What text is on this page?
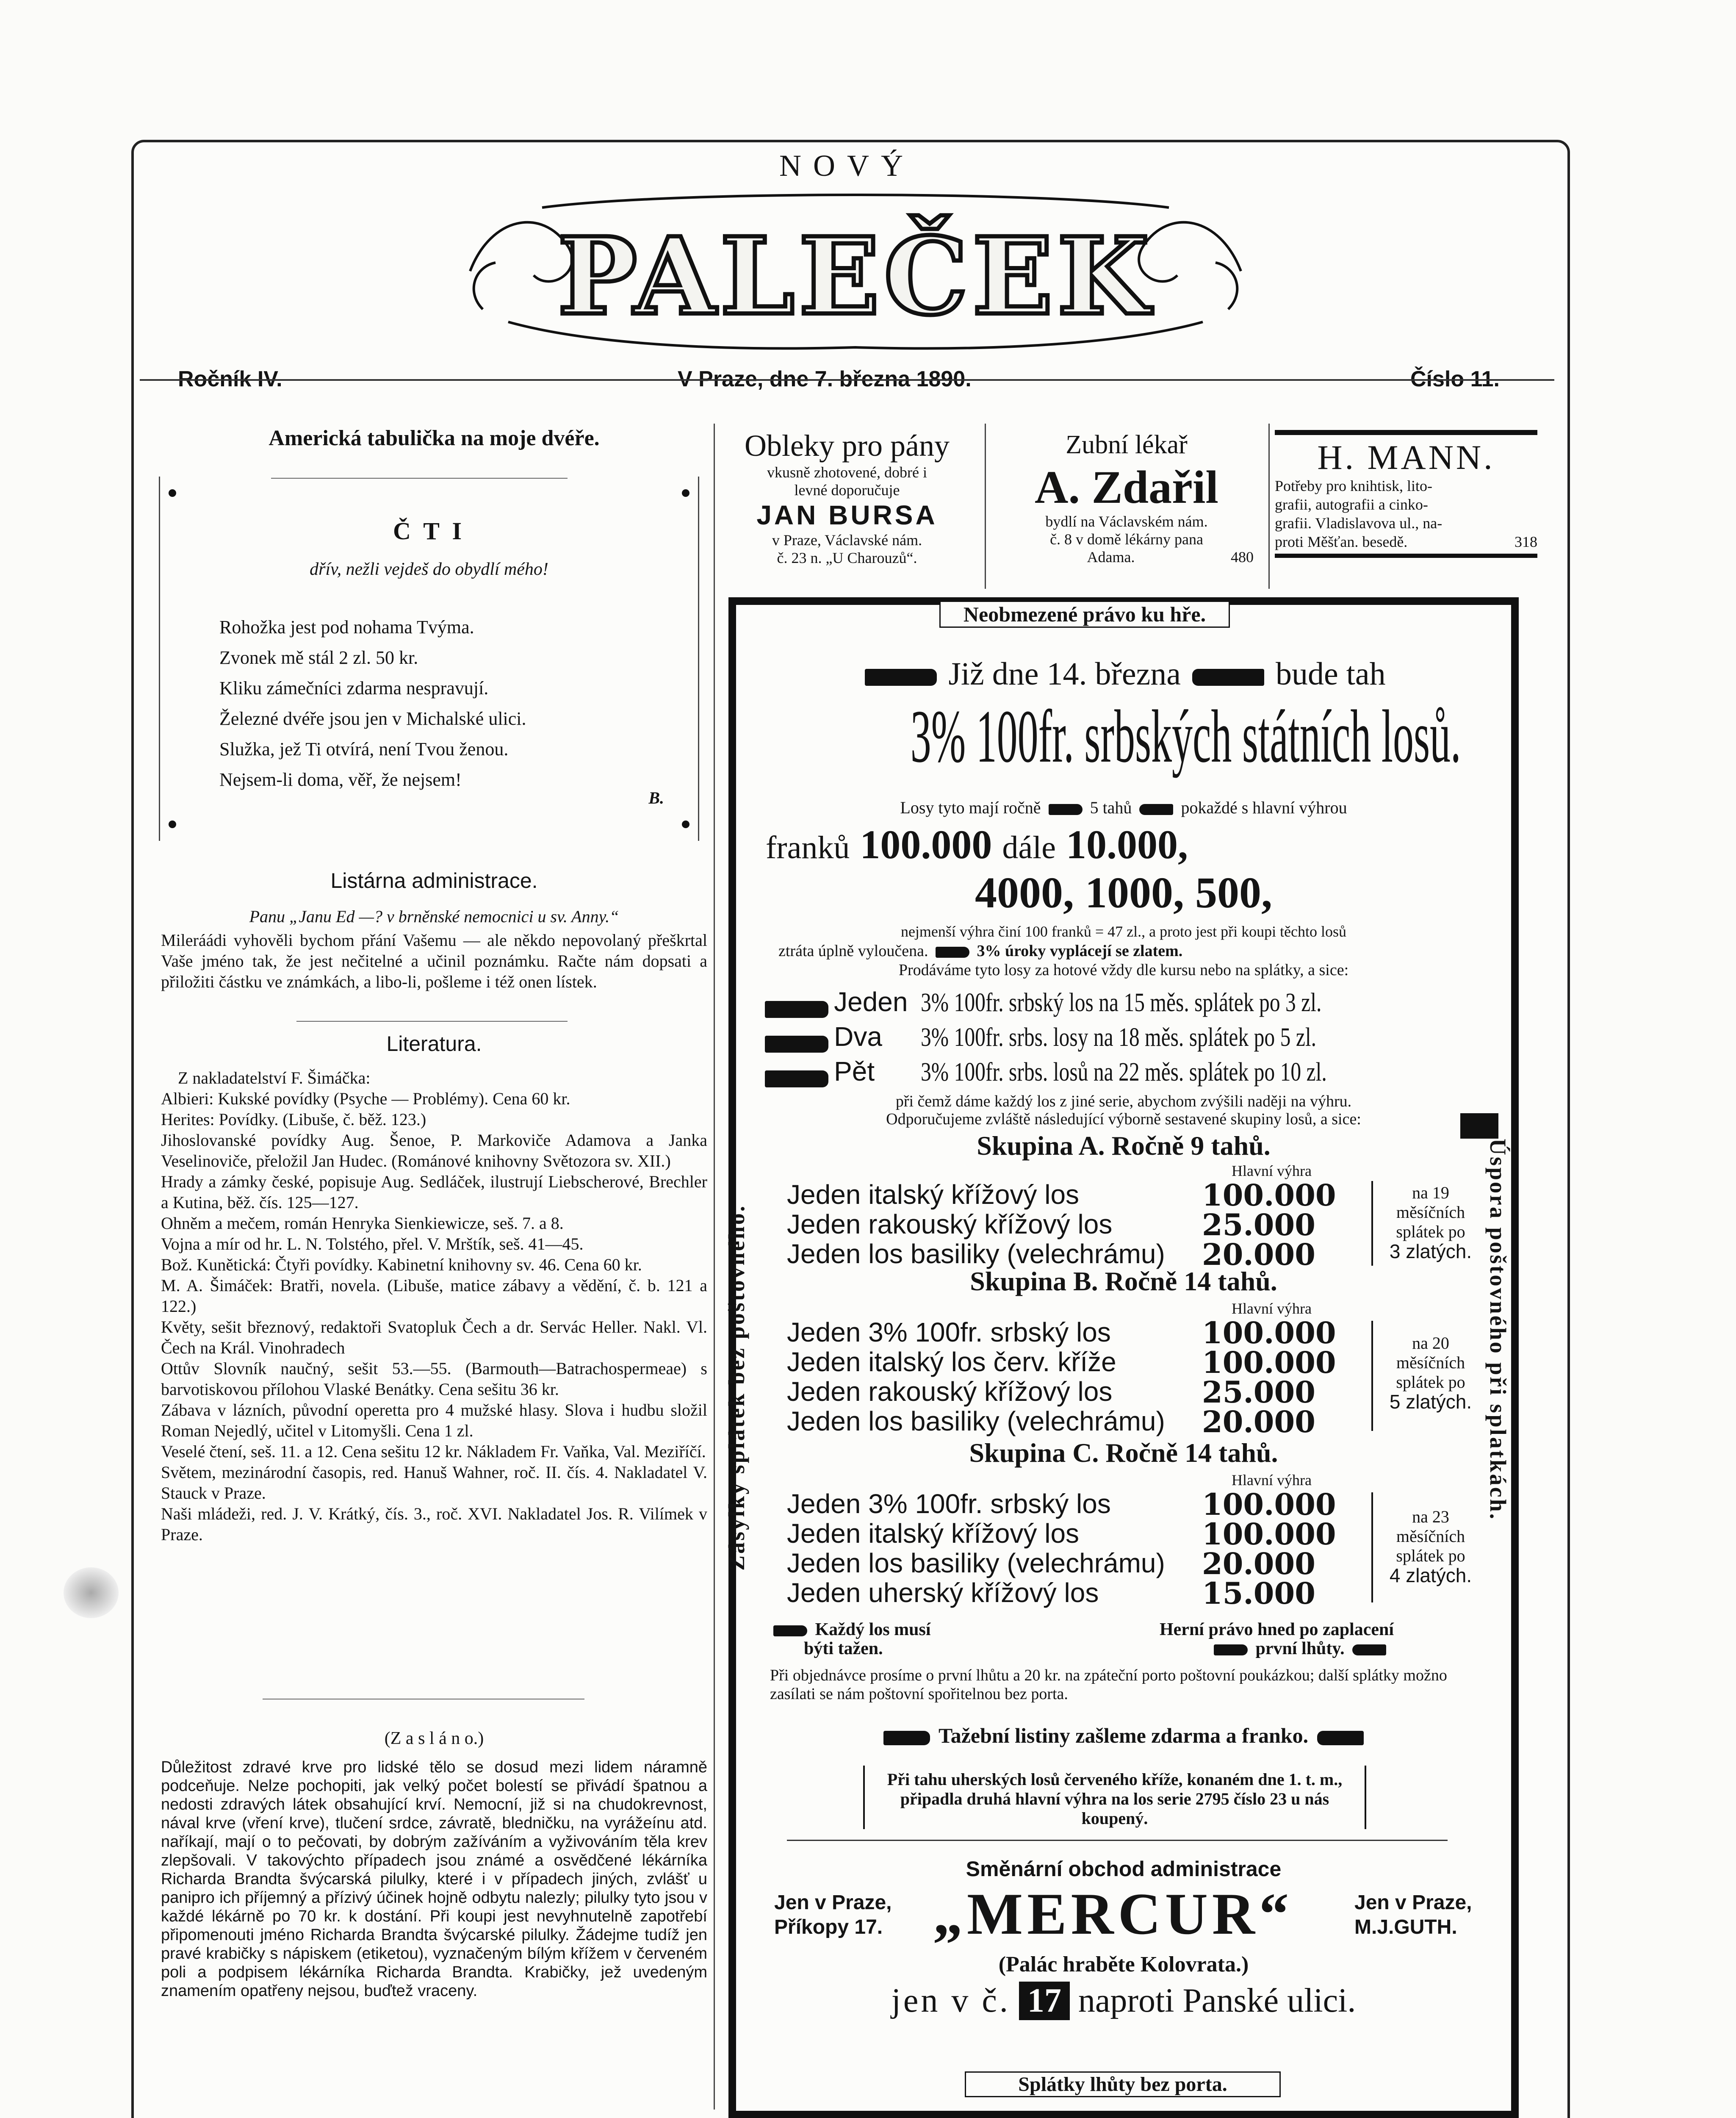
NOVÝ
PALEČEK
Ročník IV.	V Praze, dne 7. března 1890.	Číslo 11.
Americká tabulička na moje dvéře.
Č T I
dřív, nežli vejdeš do obydlí mého!
Rohožka jest pod nohama Tvýma.
Zvonek mě stál 2 zl. 50 kr.
Kliku zámečníci zdarma nespravují.
Železné dvéře jsou jen v Michalské ulici.
Služka, jež Ti otvírá, není Tvou ženou.
Nejsem-li doma, věř, že nejsem!
B.
Listárna administrace.
Panu „Janu Ed —? v brněnské nemocnici u sv. Anny.“

Mileráádi vyhověli bychom přání Vašemu — ale někdo nepovolaný přeškrtal Vaše jméno tak, že jest nečitelné a učinil poznámku. Račte nám dopsati a přiložiti částku ve známkách, a libo-li, pošleme i též onen lístek.

Literatura.

Z nakladatelství F. Šimáčka:

Albieri: Kukské povídky (Psyche — Problémy). Cena 60 kr.

Herites: Povídky. (Libuše, č. běž. 123.)

Jihoslovanské povídky Aug. Šenoe, P. Markoviče Adamova a Janka Veselinoviče, přeložil Jan Hudec. (Románové knihovny Světozora sv. XII.)

Hrady a zámky české, popisuje Aug. Sedláček, ilustrují Liebscherové, Brechler a Kutina, běž. čís. 125—127.

Ohněm a mečem, román Henryka Sienkiewicze, seš. 7. a 8.

Vojna a mír od hr. L. N. Tolstého, přel. V. Mrštík, seš. 41—45.

Bož. Kunětická: Čtyři povídky. Kabinetní knihovny sv. 46. Cena 60 kr.

M. A. Šimáček: Bratři, novela. (Libuše, matice zábavy a vědění, č. b. 121 a 122.)

Květy, sešit březnový, redaktoři Svatopluk Čech a dr. Servác Heller. Nakl. Vl. Čech na Král. Vinohradech

Ottův Slovník naučný, sešit 53.—55. (Barmouth—Batrachospermeae) s barvotiskovou přílohou Vlaské Benátky. Cena sešitu 36 kr.

Zábava v lázních, původní operetta pro 4 mužské hlasy. Slova i hudbu složil Roman Nejedlý, učitel v Litomyšli. Cena 1 zl.

Veselé čtení, seš. 11. a 12. Cena sešitu 12 kr. Nákladem Fr. Vaňka, Val. Meziříčí.

Světem, mezinárodní časopis, red. Hanuš Wahner, roč. II. čís. 4. Nakladatel V. Stauck v Praze.

Naši mládeži, red. J. V. Krátký, čís. 3., roč. XVI. Nakladatel Jos. R. Vilímek v Praze.

(Z a s l á n o.)

Důležitost zdravé krve pro lidské tělo se dosud mezi lidem náramně podceňuje. Nelze pochopiti, jak velký počet bolestí se přivádí špatnou a nedosti zdravých látek obsahující krví. Nemocní, již si na chudokrevnost, nával krve (vření krve), tlučení srdce, závratě, bledničku, na vyrážeínu atd. naříkají, mají o to pečovati, by dobrým zažíváním a vyživováním těla krev zlepšovali. V takovýchto případech jsou známé a osvědčené lékárníka Richarda Brandta švýcarská pilulky, které i v případech jiných, zvlášť u panipro ich příjemný a přízivý účinek hojně odbytu nalezly; pilulky tyto jsou v každé lékárně po 70 kr. k dostání. Při koupi jest nevyhnutelně zapotřebí připomenouti jméno Richarda Brandta švýcarské pilulky. Žádejme tudíž jen pravé krabičky s nápiskem (etiketou), vyznačeným bílým křížem v červeném poli a podpisem lékárníka Richarda Brandta. Krabičky, jež uvedeným znamením opatřeny nejsou, buďtež vraceny.

Obleky pro pány
vkusně zhotovené, dobré i
levné doporučuje
JAN BURSA
v Praze, Václavské nám.
č. 23 n. „U Charouzů“.
Zubní lékař
A. Zdařil
bydlí na Václavském nám.
č. 8 v domě lékárny pana
Adama.	480
H. MANN.
Potřeby pro knihtisk, lito-
grafii, autografii a cinko-
grafii. Vladislavova ul., na-
proti Měšťan. besedě.	318
Neobmezené právo ku hře.
Již dne 14. března	bude tah
3% 100fr. srbských státních losů.
Losy tyto mají ročně	5 tahů	pokaždé s hlavní výhrou
franků 100.000 dále 10.000,
4000, 1000, 500,
nejmenší výhra činí 100 franků = 47 zl., a proto jest při koupi těchto losů
ztráta úplně vyloučena.	3% úroky vyplácejí se zlatem.
Prodáváme tyto losy za hotové vždy dle kursu nebo na splátky, a sice:
Jeden 3% 100fr. srbský los na 15 měs. splátek po 3 zl.
Dva 3% 100fr. srbs. losy na 18 měs. splátek po 5 zl.
Pět 3% 100fr. srbs. losů na 22 měs. splátek po 10 zl.
při čemž dáme každý los z jiné serie, abychom zvýšili naději na výhru.
Odporučujeme zvláště následující výborně sestavené skupiny losů, a sice:
Zásylky splátek bez poštovného.	Úspora poštovného při splatkách.
Skupina A. Ročně 9 tahů.
Hlavní výhra
Jeden italský křížový los	100.000
Jeden rakouský křížový los	25.000
Jeden los basiliky (velechrámu) 20.000
na 19
měsíčních
splátek po
3 zlatých.
Skupina B. Ročně 14 tahů.
Hlavní výhra
Jeden 3% 100fr. srbský los	100.000
Jeden italský los červ. kříže	100.000
Jeden rakouský křížový los	25.000
Jeden los basiliky (velechrámu) 20.000
na 20
měsíčních
splátek po
5 zlatých.
Skupina C. Ročně 14 tahů.
Hlavní výhra
Jeden 3% 100fr. srbský los	100.000
Jeden italský křížový los	100.000
Jeden los basiliky (velechrámu) 20.000
Jeden uherský křížový los	15.000
na 23
měsíčních
splátek po
4 zlatých.
Každý los musí
býti tažen.
Herní právo hned po zaplacení
první lhůty.

Při objednávce prosíme o první lhůtu a 20 kr. na zpáteční porto poštovní poukázkou; další splátky možno zasílati se nám poštovní spořitelnou bez porta.

Tažební listiny zašleme zdarma a franko.

Při tahu uherských losů červeného kříže, konaném dne 1. t. m., připadla druhá hlavní výhra na los serie 2795 číslo 23 u nás koupený.

Směnární obchod administrace
Jen v Praze,
Příkopy 17. „MERCUR“	Jen v Praze,
M.J.GUTH.
(Palác hraběte Kolovrata.)
jen v č. 17 naproti Panské ulici.
Splátky lhůty bez porta.
